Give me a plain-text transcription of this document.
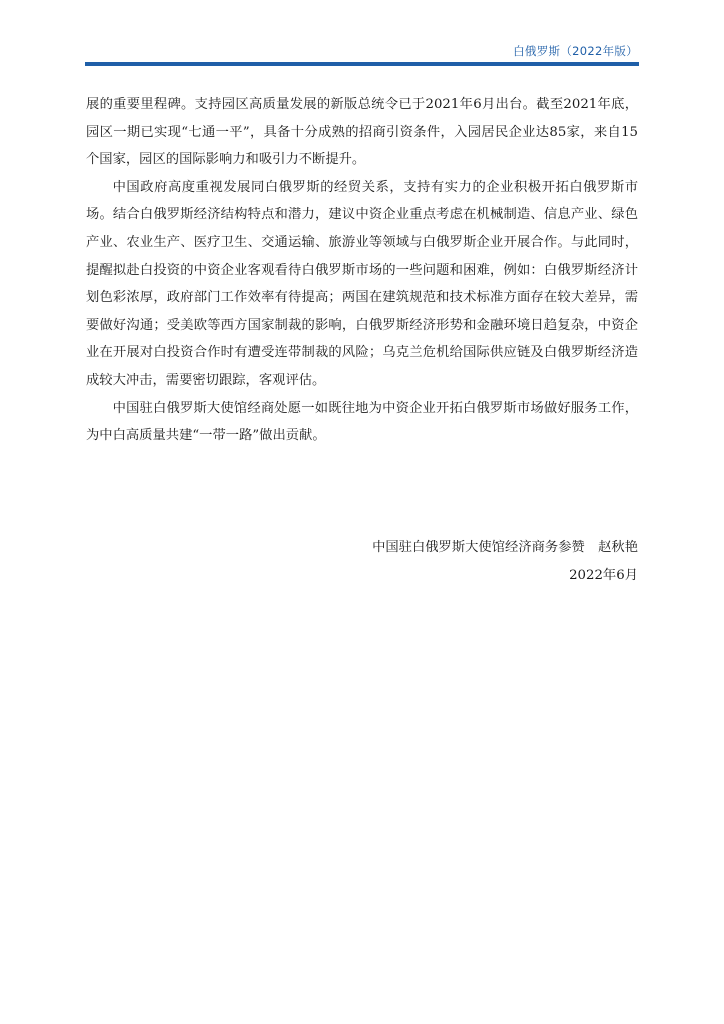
白俄罗斯（2022年版）

展的重要里程碑。支持园区高质量发展的新版总统令已于2021年6月出台。截至2021年底，园区一期已实现“七通一平”，具备十分成熟的招商引资条件，入园居民企业达85家，来自15个国家，园区的国际影响力和吸引力不断提升。

中国政府高度重视发展同白俄罗斯的经贸关系，支持有实力的企业积极开拓白俄罗斯市场。结合白俄罗斯经济结构特点和潜力，建议中资企业重点考虑在机械制造、信息产业、绿色产业、农业生产、医疗卫生、交通运输、旅游业等领域与白俄罗斯企业开展合作。与此同时，提醒拟赴白投资的中资企业客观看待白俄罗斯市场的一些问题和困难，例如：白俄罗斯经济计划色彩浓厚，政府部门工作效率有待提高；两国在建筑规范和技术标准方面存在较大差异，需要做好沟通；受美欧等西方国家制裁的影响，白俄罗斯经济形势和金融环境日趋复杂，中资企业在开展对白投资合作时有遭受连带制裁的风险；乌克兰危机给国际供应链及白俄罗斯经济造成较大冲击，需要密切跟踪，客观评估。

中国驻白俄罗斯大使馆经商处愿一如既往地为中资企业开拓白俄罗斯市场做好服务工作，为中白高质量共建“一带一路”做出贡献。

中国驻白俄罗斯大使馆经济商务参赞　赵秋艳
2022年6月
